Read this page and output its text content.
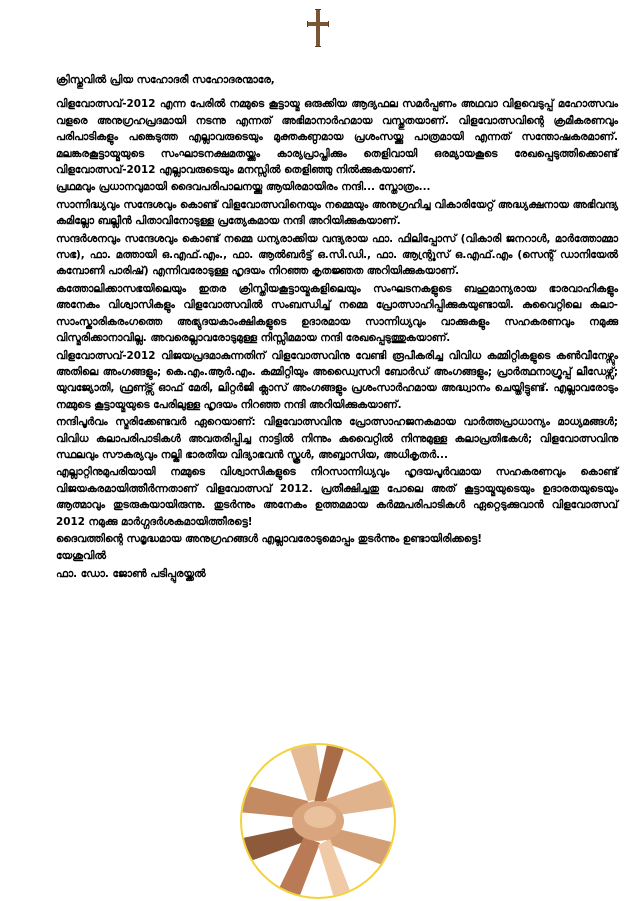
ക്രിസ്തുവിൽ പ്രിയ സഹോദരീ സഹോദരന്മാരേ,

വിളവോത്സവ്-2012 എന്ന പേരിൽ നമ്മുടെ കൂട്ടായ്മ ഒരുക്കിയ ആദ്യഫല സമർപ്പണം അഥവാ വിളവെടുപ്പ് മഹോത്സവം വളരെ അനുഗ്രഹപ്രദമായി നടന്നു എന്നത് അഭിമാനാർഹമായ വസ്തുതയാണ്. വിളവോത്സവിന്റെ ക്രമീകരണവും പരിപാടികളും പങ്കെടുത്ത എല്ലാവരുടെയും മുക്തകണ്ഠമായ പ്രശംസയ്ക്കു പാത്രമായി എന്നത് സന്തോഷകരമാണ്. മലങ്കരകൂട്ടായ്മയുടെ സംഘാടനക്ഷമതയ്ക്കും കാര്യപ്രാപ്തിക്കും തെളിവായി ഒരമ്യായകൂടെ രേഖപ്പെടുത്തിക്കൊണ്ട് വിളവോത്സവ്-2012 എല്ലാവരുടെയും മനസ്സിൽ തെളിഞ്ഞു നിൽക്കുകയാണ്.

പ്രഥമവും പ്രധാനവുമായി ദൈവപരിപാലനയ്ക്കു ആയിരമായിരം നന്ദി... സ്തോത്രം...

സാന്നിദ്ധ്യവും സന്ദേശവും കൊണ്ട് വിളവോത്സവിനെയും നമ്മെയും അനുഗ്രഹിച്ച വികാരിയേറ്റ് അദ്ധ്യക്ഷനായ അഭിവന്ദ്യ കമില്ലോ ബല്ലീൻ പിതാവിനോടുള്ള പ്രത്യേകമായ നന്ദി അറിയിക്കുകയാണ്.

സന്ദർശനവും സന്ദേശവും കൊണ്ട് നമ്മെ ധന്യരാക്കിയ വന്ദ്യരായ ഫാ. ഫിലിപ്പോസ് (വികാരി ജനറാൾ, മാർത്തോമ്മാ സഭ), ഫാ. മത്തായി ഒ.എഫ്.എം., ഫാ. ആൽബർട്ട് ഒ.സി.ഡി., ഫാ. ആന്റ്രൂസ് ഒ.എഫ്.എം (സെന്റ് ഡാനിയേൽ കമ്പോണി പാരിഷ്) എന്നിവരോടുള്ള ഹൃദയം നിറഞ്ഞ കൃതജ്ഞത അറിയിക്കുകയാണ്.

കത്തോലിക്കാസഭയിലെയും ഇതര ക്രിസ്തീയകൂട്ടായ്മകളിലെയും സംഘടനകളുടെ ബഹുമാന്യരായ ഭാരവാഹികളും അനേകം വിശ്വാസികളും വിളവോത്സവിൽ സംബന്ധിച്ച് നമ്മെ പ്രോത്സാഹിപ്പിക്കുകയുണ്ടായി. കുവൈറ്റിലെ കലാ-സാംസ്കാരികരംഗത്തെ അഭ്യുദയകാംക്ഷികളുടെ ഉദാരമായ സാന്നിധ്യവും വാക്കുകളും സഹകരണവും നമുക്കു വിസ്മരിക്കാനാവില്ല. അവരെല്ലാവരോടുമുള്ള നിസ്സീമമായ നന്ദി രേഖപ്പെടുത്തുകയാണ്.

വിളവോത്സവ്-2012 വിജയപ്രദമാകുന്നതിന് വിളവോത്സവിനു വേണ്ടി രൂപീകരിച്ച വിവിധ കമ്മിറ്റികളുടെ കൺവീനേഴ്സും അതിലെ അംഗങ്ങളും; കെ.എം.ആർ.എം. കമ്മിറ്റിയും അഡ്വൈസറി ബോർഡ് അംഗങ്ങളും; പ്രാർത്ഥനാഗ്രൂപ്പ് ലീഡേഴ്സ്; യുവജ്യോതി, ഫ്രണ്ട്സ് ഓഫ് മേരി, ലിറ്റർജി ക്ലാസ് അംഗങ്ങളും പ്രശംസാർഹമായ അദ്ധ്വാനം ചെയ്തിട്ടുണ്ട്. എല്ലാവരോടും നമ്മുടെ കൂട്ടായ്മയുടെ പേരിലുള്ള ഹൃദയം നിറഞ്ഞ നന്ദി അറിയിക്കുകയാണ്.

നന്ദിപൂർവം സ്മരിക്കേണ്ടവർ ഏറെയാണ്: വിളവോത്സവിനു പ്രോത്സാഹജനകമായ വാർത്തപ്രാധാന്യം മാധ്യമങ്ങൾ; വിവിധ കലാപരിപാടികൾ അവതരിപ്പിച്ച നാട്ടിൽ നിന്നും കുവൈറ്റിൽ നിന്നുമുള്ള കലാപ്രതിഭകൾ; വിളവോത്സവിനു സ്ഥലവും സൗകര്യവും നല്കി ഭാരതീയ വിദ്യാഭവൻ സ്കൂൾ, അബ്ബാസിയ, അധികൃതർ...

എല്ലാറ്റിനുമുപരിയായി നമ്മുടെ വിശ്വാസികളുടെ നിറസാന്നിധ്യവും ഹൃദയപൂർവമായ സഹകരണവും കൊണ്ട് വിജയകരമായിത്തീർന്നതാണ് വിളവോത്സവ് 2012. പ്രതീക്ഷിച്ചതു പോലെ അത് കൂട്ടായ്മയുടെയും ഉദാരതയുടെയും ആത്മാവും തുടരുകയായിരുന്നു. തുടർന്നും അനേകം ഉത്തമമായ കർമ്മപരിപാടികൾ ഏറ്റെടുക്കുവാൻ വിളവോത്സവ് 2012 നമുക്കു മാർഗ്ഗദർശകമായിത്തീരട്ടെ!

ദൈവത്തിന്റെ സമൃദ്ധമായ അനുഗ്രഹങ്ങൾ എല്ലാവരോടുമൊപ്പം തുടർന്നും ഉണ്ടായിരിക്കട്ടെ!

യേശുവിൽ

ഫാ. ഡോ. ജോൺ പടിപ്പുരയ്ക്കൽ
